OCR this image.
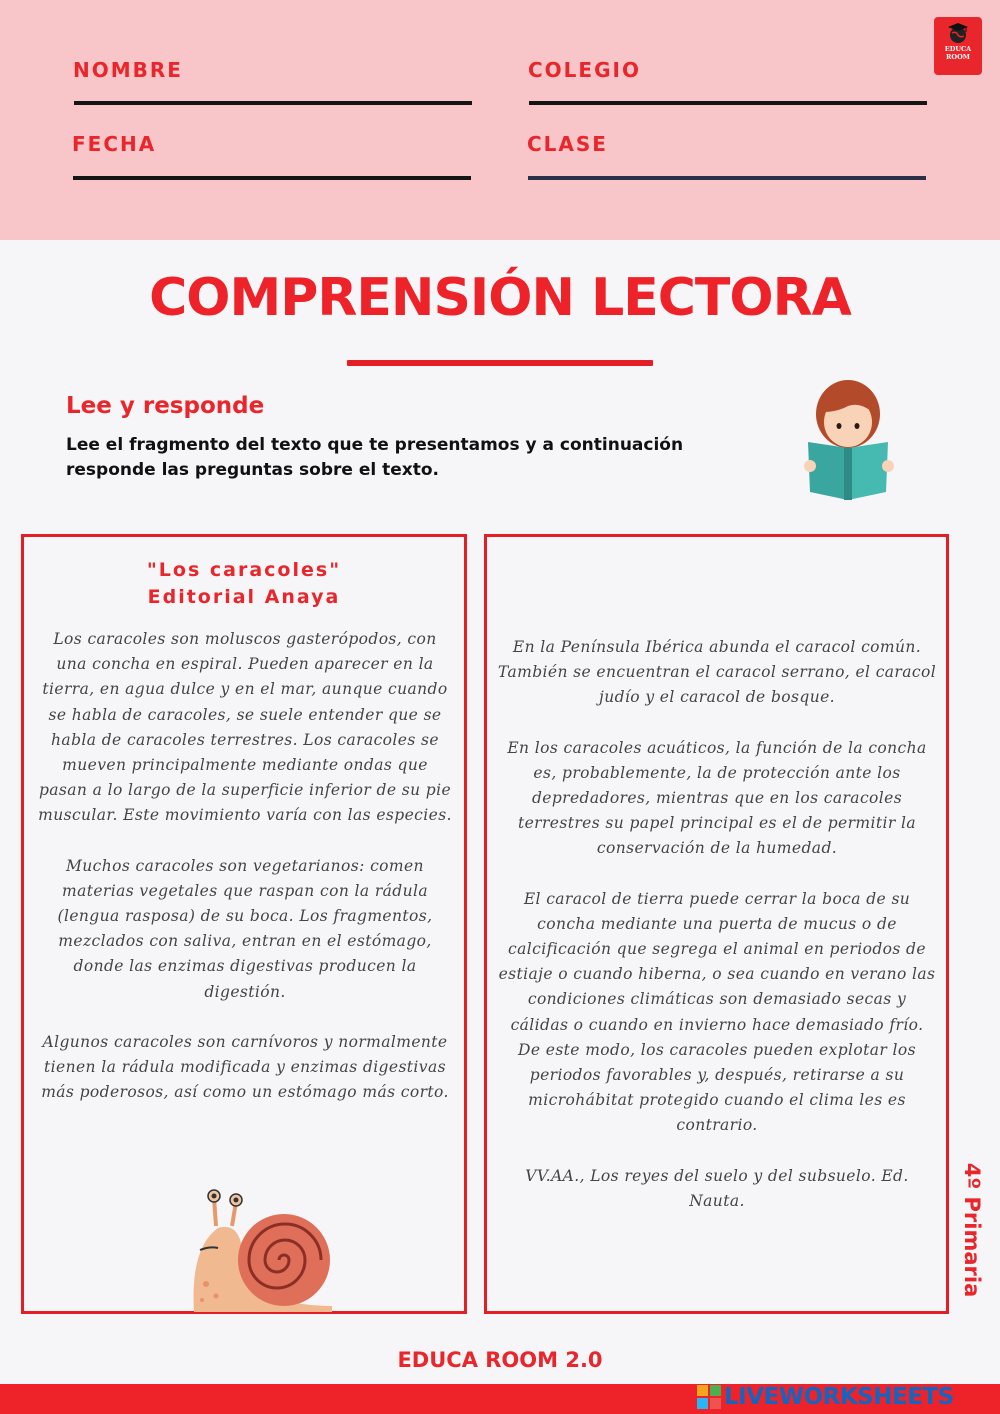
NOMBRE	COLEGIO
FECHA	CLASE
EDUCA
ROOM
COMPRENSIÓN LECTORA
Lee y responde
Lee el fragmento del texto que te presentamos y a continuación responde las preguntas sobre el texto.
"Los caracoles"
Editorial Anaya

Los caracoles son moluscos gasterópodos, con una concha en espiral. Pueden aparecer en la tierra, en agua dulce y en el mar, aunque cuando se habla de caracoles, se suele entender que se habla de caracoles terrestres. Los caracoles se mueven principalmente mediante ondas que pasan a lo largo de la superficie inferior de su pie muscular. Este movimiento varía con las especies.

Muchos caracoles son vegetarianos: comen materias vegetales que raspan con la rádula (lengua rasposa) de su boca. Los fragmentos, mezclados con saliva, entran en el estómago, donde las enzimas digestivas producen la digestión.

Algunos caracoles son carnívoros y normalmente tienen la rádula modificada y enzimas digestivas más poderosos, así como un estómago más corto.

En la Península Ibérica abunda el caracol común. También se encuentran el caracol serrano, el caracol judío y el caracol de bosque.

En los caracoles acuáticos, la función de la concha es, probablemente, la de protección ante los depredadores, mientras que en los caracoles terrestres su papel principal es el de permitir la conservación de la humedad.

El caracol de tierra puede cerrar la boca de su concha mediante una puerta de mucus o de calcificación que segrega el animal en periodos de estiaje o cuando hiberna, o sea cuando en verano las condiciones climáticas son demasiado secas y cálidas o cuando en invierno hace demasiado frío. De este modo, los caracoles pueden explotar los periodos favorables y, después, retirarse a su microhábitat protegido cuando el clima les es contrario.

VV.AA., Los reyes del suelo y del subsuelo. Ed. Nauta.	4º Primaria
EDUCA ROOM 2.0
LIVEWORKSHEETS
